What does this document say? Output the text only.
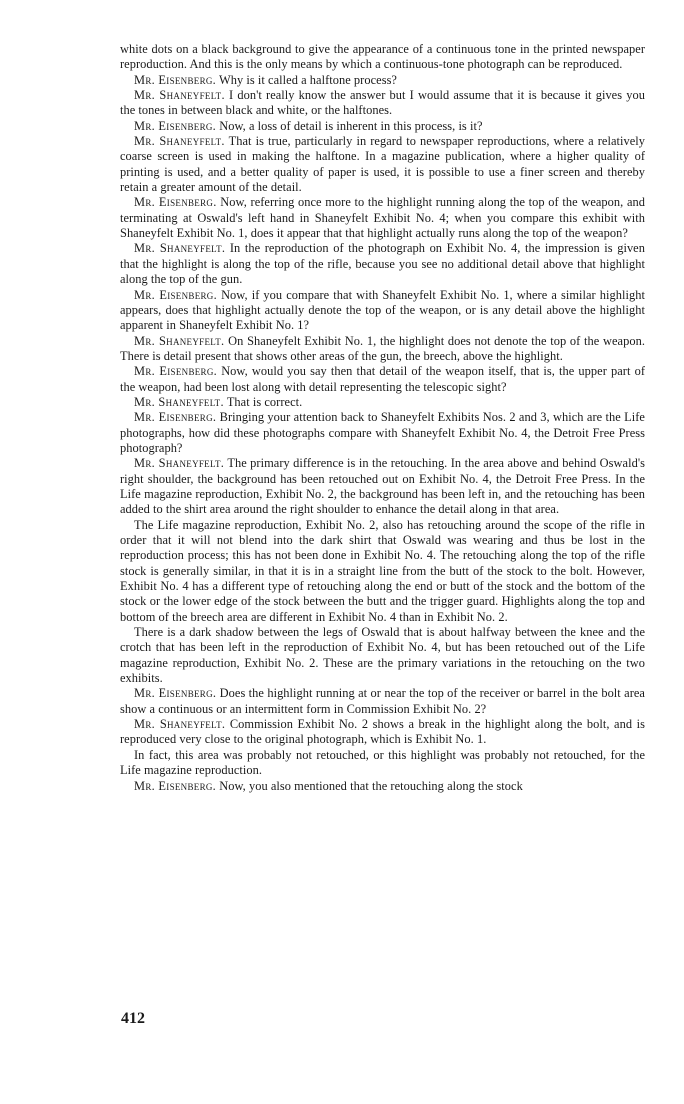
white dots on a black background to give the appearance of a continuous tone in the printed newspaper reproduction. And this is the only means by which a continuous-tone photograph can be reproduced.

Mr. Eisenberg. Why is it called a halftone process?

Mr. Shaneyfelt. I don't really know the answer but I would assume that it is because it gives you the tones in between black and white, or the halftones.

Mr. Eisenberg. Now, a loss of detail is inherent in this process, is it?

Mr. Shaneyfelt. That is true, particularly in regard to newspaper reproductions, where a relatively coarse screen is used in making the halftone. In a magazine publication, where a higher quality of printing is used, and a better quality of paper is used, it is possible to use a finer screen and thereby retain a greater amount of the detail.

Mr. Eisenberg. Now, referring once more to the highlight running along the top of the weapon, and terminating at Oswald's left hand in Shaneyfelt Exhibit No. 4; when you compare this exhibit with Shaneyfelt Exhibit No. 1, does it appear that that highlight actually runs along the top of the weapon?

Mr. Shaneyfelt. In the reproduction of the photograph on Exhibit No. 4, the impression is given that the highlight is along the top of the rifle, because you see no additional detail above that highlight along the top of the gun.

Mr. Eisenberg. Now, if you compare that with Shaneyfelt Exhibit No. 1, where a similar highlight appears, does that highlight actually denote the top of the weapon, or is any detail above the highlight apparent in Shaneyfelt Exhibit No. 1?

Mr. Shaneyfelt. On Shaneyfelt Exhibit No. 1, the highlight does not denote the top of the weapon. There is detail present that shows other areas of the gun, the breech, above the highlight.

Mr. Eisenberg. Now, would you say then that detail of the weapon itself, that is, the upper part of the weapon, had been lost along with detail representing the telescopic sight?

Mr. Shaneyfelt. That is correct.

Mr. Eisenberg. Bringing your attention back to Shaneyfelt Exhibits Nos. 2 and 3, which are the Life photographs, how did these photographs compare with Shaneyfelt Exhibit No. 4, the Detroit Free Press photograph?

Mr. Shaneyfelt. The primary difference is in the retouching. In the area above and behind Oswald's right shoulder, the background has been retouched out on Exhibit No. 4, the Detroit Free Press. In the Life magazine reproduction, Exhibit No. 2, the background has been left in, and the retouching has been added to the shirt area around the right shoulder to enhance the detail along in that area.

The Life magazine reproduction, Exhibit No. 2, also has retouching around the scope of the rifle in order that it will not blend into the dark shirt that Oswald was wearing and thus be lost in the reproduction process; this has not been done in Exhibit No. 4. The retouching along the top of the rifle stock is generally similar, in that it is in a straight line from the butt of the stock to the bolt. However, Exhibit No. 4 has a different type of retouching along the end or butt of the stock and the bottom of the stock or the lower edge of the stock between the butt and the trigger guard. Highlights along the top and bottom of the breech area are different in Exhibit No. 4 than in Exhibit No. 2.

There is a dark shadow between the legs of Oswald that is about halfway between the knee and the crotch that has been left in the reproduction of Exhibit No. 4, but has been retouched out of the Life magazine reproduction, Exhibit No. 2. These are the primary variations in the retouching on the two exhibits.

Mr. Eisenberg. Does the highlight running at or near the top of the receiver or barrel in the bolt area show a continuous or an intermittent form in Commission Exhibit No. 2?

Mr. Shaneyfelt. Commission Exhibit No. 2 shows a break in the highlight along the bolt, and is reproduced very close to the original photograph, which is Exhibit No. 1.

In fact, this area was probably not retouched, or this highlight was probably not retouched, for the Life magazine reproduction.

Mr. Eisenberg. Now, you also mentioned that the retouching along the stock

412
